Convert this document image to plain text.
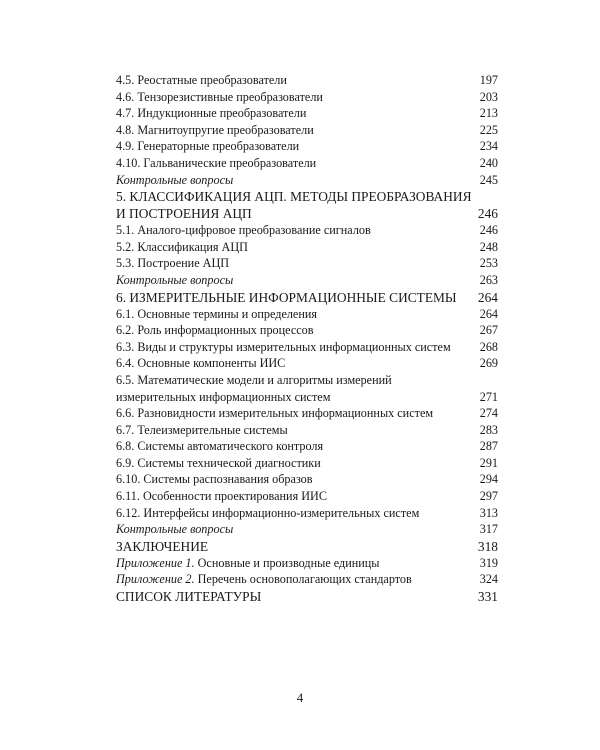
4.5. Реостатные преобразователи	197
4.6. Тензорезистивные преобразователи	203
4.7. Индукционные преобразователи	213
4.8. Магнитоупругие преобразователи	225
4.9. Генераторные преобразователи	234
4.10. Гальванические преобразователи	240
Контрольные вопросы	245
5. КЛАССИФИКАЦИЯ АЦП. МЕТОДЫ ПРЕОБРАЗОВАНИЯ
И ПОСТРОЕНИЯ АЦП	246
5.1. Аналого-цифровое преобразование сигналов	246
5.2. Классификация АЦП	248
5.3. Построение АЦП	253
Контрольные вопросы	263
6. ИЗМЕРИТЕЛЬНЫЕ ИНФОРМАЦИОННЫЕ СИСТЕМЫ 264
6.1. Основные термины и определения	264
6.2. Роль информационных процессов	267
6.3. Виды и структуры измерительных информационных систем 268
6.4. Основные компоненты ИИС	269
6.5. Математические модели и алгоритмы измерений
измерительных информационных систем	271
6.6. Разновидности измерительных информационных систем	274
6.7. Телеизмерительные системы	283
6.8. Системы автоматического контроля	287
6.9. Системы технической диагностики	291
6.10. Системы распознавания образов	294
6.11. Особенности проектирования ИИС	297
6.12. Интерфейсы информационно-измерительных систем	313
Контрольные вопросы	317
ЗАКЛЮЧЕНИЕ	318
Приложение 1. Основные и производные единицы	319
Приложение 2. Перечень основополагающих стандартов	324
СПИСОК ЛИТЕРАТУРЫ	331
4
